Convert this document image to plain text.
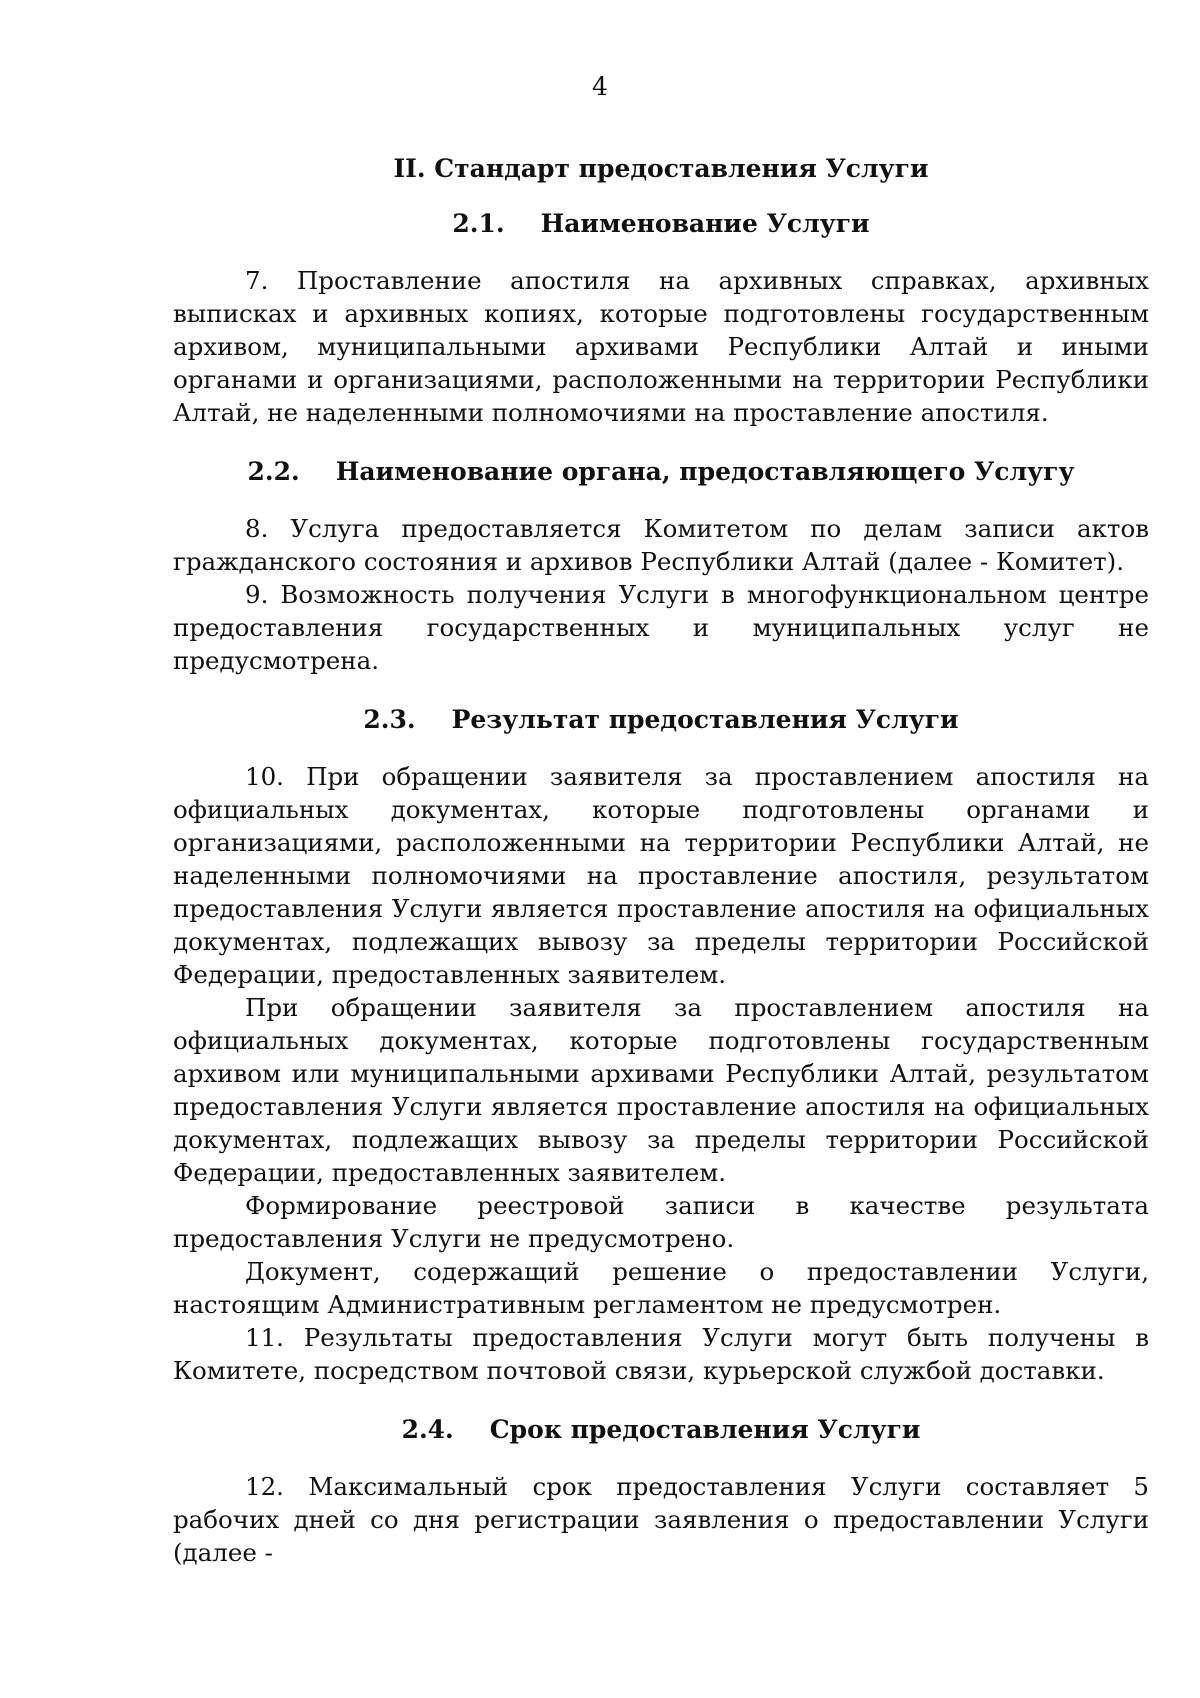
4
II. Стандарт предоставления Услуги
2.1. Наименование Услуги

7. Проставление апостиля на архивных справках, архивных выписках и архивных копиях, которые подготовлены государственным архивом, муниципальными архивами Республики Алтай и иными органами и организациями, расположенными на территории Республики Алтай, не наделенными полномочиями на проставление апостиля.

2.2. Наименование органа, предоставляющего Услугу

8. Услуга предоставляется Комитетом по делам записи актов гражданского состояния и архивов Республики Алтай (далее - Комитет).

9. Возможность получения Услуги в многофункциональном центре предоставления государственных и муниципальных услуг не предусмотрена.

2.3. Результат предоставления Услуги

10. При обращении заявителя за проставлением апостиля на официальных документах, которые подготовлены органами и организациями, расположенными на территории Республики Алтай, не наделенными полномочиями на проставление апостиля, результатом предоставления Услуги является проставление апостиля на официальных документах, подлежащих вывозу за пределы территории Российской Федерации, предоставленных заявителем.

При обращении заявителя за проставлением апостиля на официальных документах, которые подготовлены государственным архивом или муниципальными архивами Республики Алтай, результатом предоставления Услуги является проставление апостиля на официальных документах, подлежащих вывозу за пределы территории Российской Федерации, предоставленных заявителем.

Формирование реестровой записи в качестве результата предоставления Услуги не предусмотрено.

Документ, содержащий решение о предоставлении Услуги, настоящим Административным регламентом не предусмотрен.

11. Результаты предоставления Услуги могут быть получены в Комитете, посредством почтовой связи, курьерской службой доставки.

2.4. Срок предоставления Услуги

12. Максимальный срок предоставления Услуги составляет 5 рабочих дней со дня регистрации заявления о предоставлении Услуги (далее -
